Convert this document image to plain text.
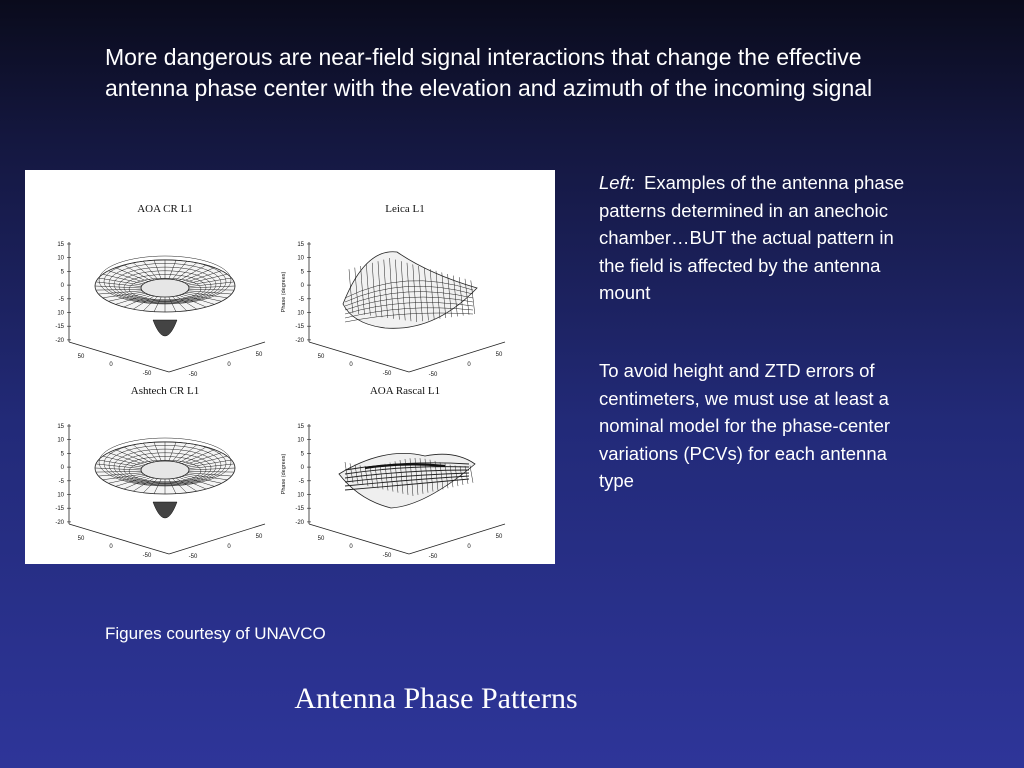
More dangerous are near-field signal interactions that change the effective antenna phase center with the elevation and azimuth of the incoming signal

AOA CR L1
15
10
5
0
-5
10
-15
-20
50
0
-50	-50
0
50
Leica L1
15
10
5
0
-5
10
-15
-20
Phase (degrees)
50
0
-50	-50
0
50
Ashtech CR L1
15
10
5
0
-5
10
-15
-20
50
0
-50	-50
0
50
AOA Rascal L1
15
10
5
0
-5
10
-15
-20
Phase (degrees)
50
0
-50	-50
0
50

Left: Examples of the antenna phase patterns determined in an anechoic chamber…BUT the actual pattern in the field is affected by the antenna mount

To avoid height and ZTD errors of centimeters, we must use at least a nominal model for the phase-center variations (PCVs) for each antenna type

Figures courtesy of UNAVCO

Antenna Phase Patterns
